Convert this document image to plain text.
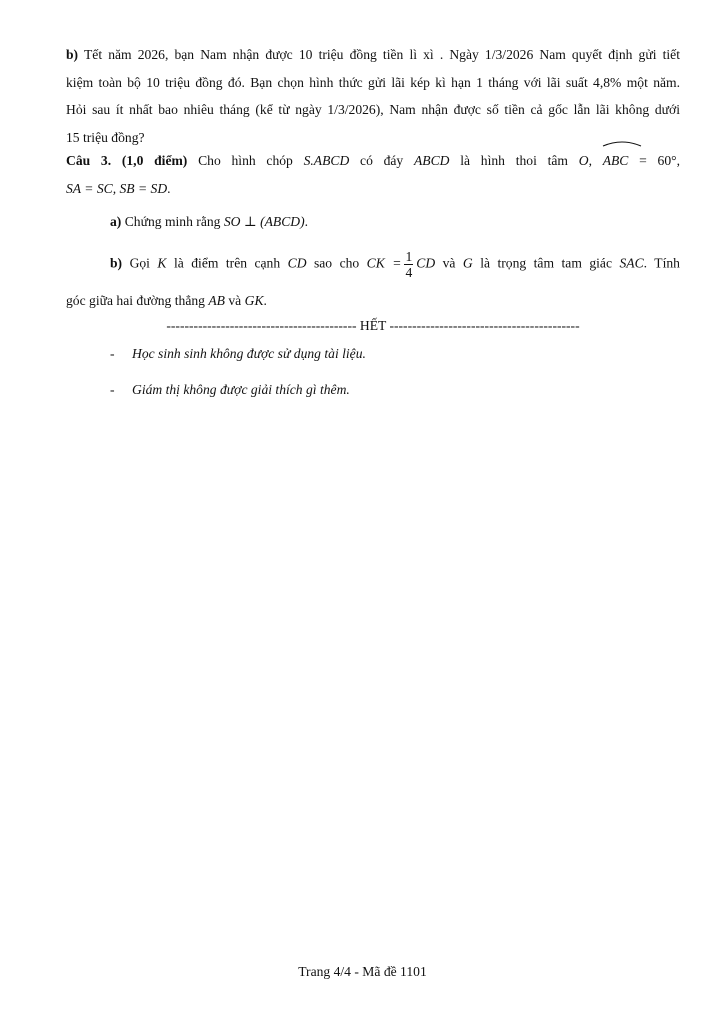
b) Tết năm 2026, bạn Nam nhận được 10 triệu đồng tiền lì xì . Ngày 1/3/2026 Nam quyết định gửi tiết
kiệm toàn bộ 10 triệu đồng đó. Bạn chọn hình thức gửi lãi kép kì hạn 1 tháng với lãi suất 4,8% một năm.
Hỏi sau ít nhất bao nhiêu tháng (kể từ ngày 1/3/2026), Nam nhận được số tiền cả gốc lẫn lãi không dưới
15 triệu đồng?
Câu 3. (1,0 điểm) Cho hình chóp S.ABCD có đáy ABCD là hình thoi tâm O,
ABC = 60°,
SA = SC, SB = SD.
a) Chứng minh rằng SO ⊥ (ABCD).
b) Gọi K là điểm trên cạnh CD sao cho CK = $\frac{1}{4}$ CD và G là trọng tâm tam giác SAC. Tính
góc giữa hai đường thẳng AB và GK.
------------------------------------------ HẾT ------------------------------------------
- Học sinh sinh không được sử dụng tài liệu.
- Giám thị không được giải thích gì thêm.
Trang 4/4 - Mã đề 1101
